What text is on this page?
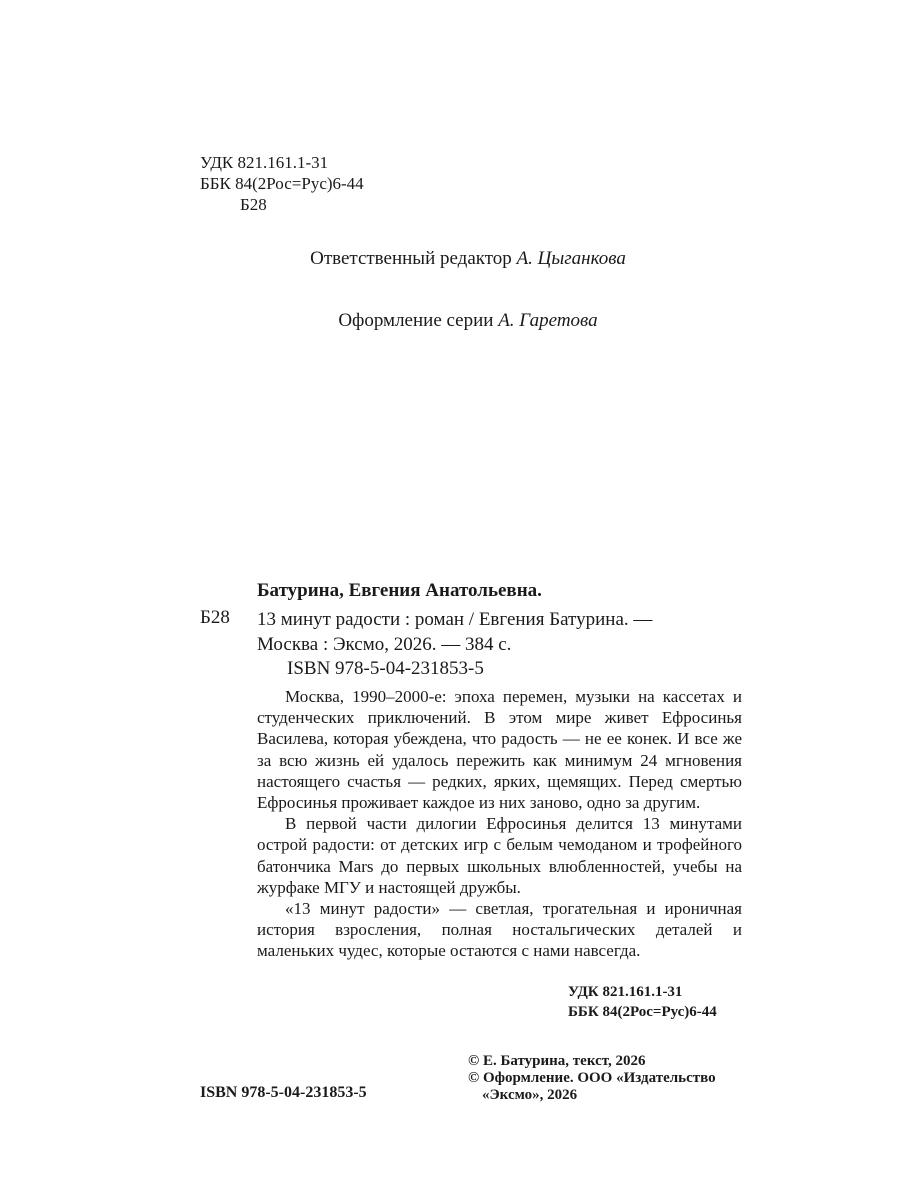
УДК 821.161.1-31
ББК 84(2Рос=Рус)6-44
Б28
Ответственный редактор А. Цыганкова
Оформление серии А. Гаретова
Батурина, Евгения Анатольевна.
Б28 13 минут радости : роман / Евгения Батурина. —
Москва : Эксмо, 2026. — 384 с.
ISBN 978-5-04-231853-5

Москва, 1990–2000-е: эпоха перемен, музыки на кассетах и студенческих приключений. В этом мире живет Ефросинья Василева, которая убеждена, что радость — не ее конек. И все же за всю жизнь ей удалось пережить как минимум 24 мгновения настоящего счастья — редких, ярких, щемящих. Перед смертью Ефросинья проживает каждое из них заново, одно за другим.

В первой части дилогии Ефросинья делится 13 минутами острой радости: от детских игр с белым чемоданом и трофейного батончика Mars до первых школьных влюбленностей, учебы на журфаке МГУ и настоящей дружбы.

«13 минут радости» — светлая, трогательная и ироничная история взросления, полная ностальгических деталей и маленьких чудес, которые остаются с нами навсегда.

УДК 821.161.1-31
ББК 84(2Рос=Рус)6-44
© Е. Батурина, текст, 2026
© Оформление. ООО «Издательство
«Эксмо», 2026
ISBN 978-5-04-231853-5
